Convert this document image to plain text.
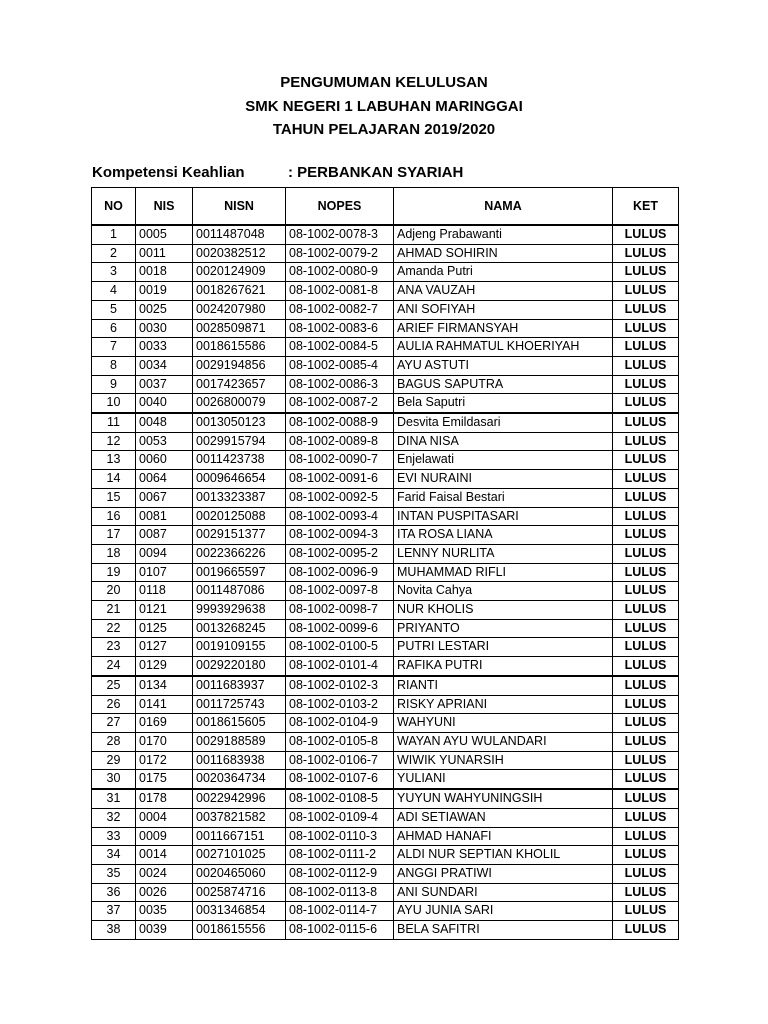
PENGUMUMAN KELULUSAN
SMK NEGERI 1 LABUHAN MARINGGAI
TAHUN PELAJARAN 2019/2020
Kompetensi Keahlian	: PERBANKAN SYARIAH
NO	NIS	NISN	NOPES	NAMA	KET
1	0005	0011487048	08-1002-0078-3	Adjeng Prabawanti	LULUS
2	0011	0020382512	08-1002-0079-2	AHMAD SOHIRIN	LULUS
3	0018	0020124909	08-1002-0080-9	Amanda Putri	LULUS
4	0019	0018267621	08-1002-0081-8	ANA VAUZAH	LULUS
5	0025	0024207980	08-1002-0082-7	ANI SOFIYAH	LULUS
6	0030	0028509871	08-1002-0083-6	ARIEF FIRMANSYAH	LULUS
7	0033	0018615586	08-1002-0084-5	AULIA RAHMATUL KHOERIYAH	LULUS
8	0034	0029194856	08-1002-0085-4	AYU ASTUTI	LULUS
9	0037	0017423657	08-1002-0086-3	BAGUS SAPUTRA	LULUS
10	0040	0026800079	08-1002-0087-2	Bela Saputri	LULUS
11	0048	0013050123	08-1002-0088-9	Desvita Emildasari	LULUS
12	0053	0029915794	08-1002-0089-8	DINA NISA	LULUS
13	0060	0011423738	08-1002-0090-7	Enjelawati	LULUS
14	0064	0009646654	08-1002-0091-6	EVI NURAINI	LULUS
15	0067	0013323387	08-1002-0092-5	Farid Faisal Bestari	LULUS
16	0081	0020125088	08-1002-0093-4	INTAN PUSPITASARI	LULUS
17	0087	0029151377	08-1002-0094-3	ITA ROSA LIANA	LULUS
18	0094	0022366226	08-1002-0095-2	LENNY NURLITA	LULUS
19	0107	0019665597	08-1002-0096-9	MUHAMMAD RIFLI	LULUS
20	0118	0011487086	08-1002-0097-8	Novita Cahya	LULUS
21	0121	9993929638	08-1002-0098-7	NUR KHOLIS	LULUS
22	0125	0013268245	08-1002-0099-6	PRIYANTO	LULUS
23	0127	0019109155	08-1002-0100-5	PUTRI LESTARI	LULUS
24	0129	0029220180	08-1002-0101-4	RAFIKA PUTRI	LULUS
25	0134	0011683937	08-1002-0102-3	RIANTI	LULUS
26	0141	0011725743	08-1002-0103-2	RISKY APRIANI	LULUS
27	0169	0018615605	08-1002-0104-9	WAHYUNI	LULUS
28	0170	0029188589	08-1002-0105-8	WAYAN AYU WULANDARI	LULUS
29	0172	0011683938	08-1002-0106-7	WIWIK YUNARSIH	LULUS
30	0175	0020364734	08-1002-0107-6	YULIANI	LULUS
31	0178	0022942996	08-1002-0108-5	YUYUN WAHYUNINGSIH	LULUS
32	0004	0037821582	08-1002-0109-4	ADI SETIAWAN	LULUS
33	0009	0011667151	08-1002-0110-3	AHMAD HANAFI	LULUS
34	0014	0027101025	08-1002-0111-2	ALDI NUR SEPTIAN KHOLIL	LULUS
35	0024	0020465060	08-1002-0112-9	ANGGI PRATIWI	LULUS
36	0026	0025874716	08-1002-0113-8	ANI SUNDARI	LULUS
37	0035	0031346854	08-1002-0114-7	AYU JUNIA SARI	LULUS
38	0039	0018615556	08-1002-0115-6	BELA SAFITRI	LULUS
